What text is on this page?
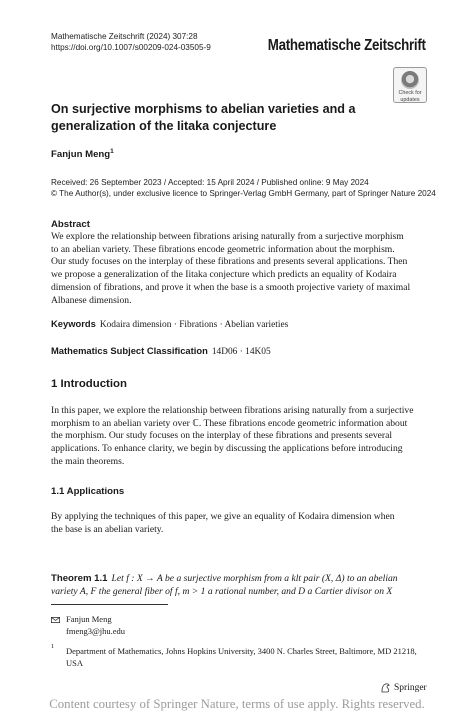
Mathematische Zeitschrift (2024) 307:28
https://doi.org/10.1007/s00209-024-03505-9	Mathematische Zeitschrift
Check for
updates
On surjective morphisms to abelian varieties and a generalization of the Iitaka conjecture
Fanjun Meng$^1$
Received: 26 September 2023 / Accepted: 15 April 2024 / Published online: 9 May 2024
© The Author(s), under exclusive licence to Springer-Verlag GmbH Germany, part of Springer Nature 2024
Abstract
We explore the relationship between fibrations arising naturally from a surjective morphism
to an abelian variety. These fibrations encode geometric information about the morphism.
Our study focuses on the interplay of these fibrations and presents several applications. Then
we propose a generalization of the Iitaka conjecture which predicts an equality of Kodaira
dimension of fibrations, and prove it when the base is a smooth projective variety of maximal
Albanese dimension.
Keywords Kodaira dimension · Fibrations · Abelian varieties
Mathematics Subject Classification 14D06 · 14K05
1 Introduction
In this paper, we explore the relationship between fibrations arising naturally from a surjective
morphism to an abelian variety over ℂ. These fibrations encode geometric information about
the morphism. Our study focuses on the interplay of these fibrations and presents several
applications. To enhance clarity, we begin by discussing the applications before introducing
the main theorems.
1.1 Applications
By applying the techniques of this paper, we give an equality of Kodaira dimension when
the base is an abelian variety.
Theorem 1.1 Let f : X → A be a surjective morphism from a klt pair (X, Δ) to an abelian
variety A, F the general fiber of f, m > 1 a rational number, and D a Cartier divisor on X
Fanjun Meng
fmeng3@jhu.edu
1 Department of Mathematics, Johns Hopkins University, 3400 N. Charles Street, Baltimore, MD 21218,
USA
Springer
Content courtesy of Springer Nature, terms of use apply. Rights reserved.
